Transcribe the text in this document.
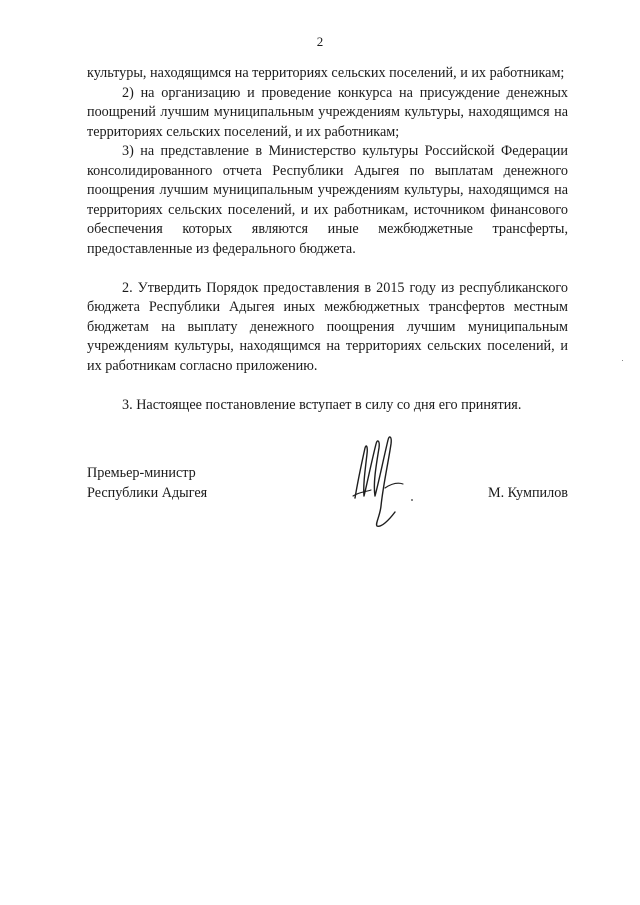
2

культуры, находящимся на территориях сельских поселений, и их работникам;

2) на организацию и проведение конкурса на присуждение денежных поощрений лучшим муниципальным учреждениям культуры, находящимся на территориях сельских поселений, и их работникам;

3) на представление в Министерство культуры Российской Федерации консолидированного отчета Республики Адыгея по выплатам денежного поощрения лучшим муниципальным учреждениям культуры, находящимся на территориях сельских поселений, и их работникам, источником финансового обеспечения которых являются иные межбюджетные трансферты, предоставленные из федерального бюджета.

2. Утвердить Порядок предоставления в 2015 году из республиканского бюджета Республики Адыгея иных межбюджетных трансфертов местным бюджетам на выплату денежного поощрения лучшим муниципальным учреждениям культуры, находящимся на территориях сельских поселений, и их работникам согласно приложению.

3. Настоящее постановление вступает в силу со дня его принятия.

Премьер-министр
Республики Адыгея	М. Кумпилов
